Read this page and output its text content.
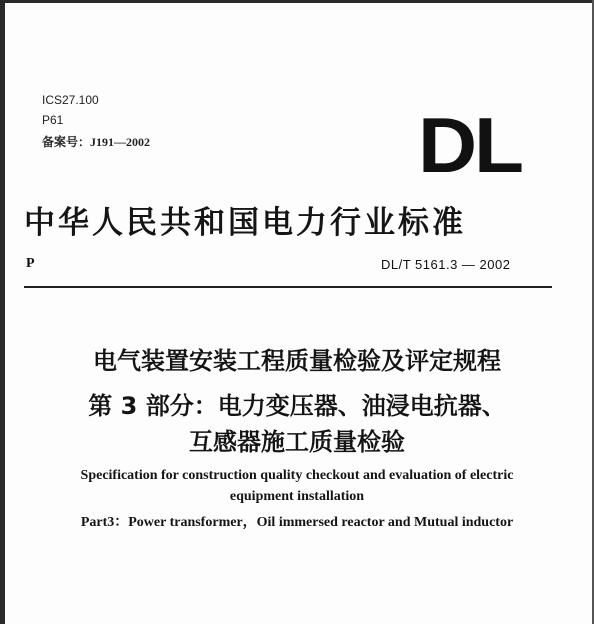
ICS27.100
P61
备案号：J191—2002	DL
中华人民共和国电力行业标准
P	DL/T 5161.3 — 2002
电气装置安装工程质量检验及评定规程
第 3 部分：电力变压器、油浸电抗器、
互感器施工质量检验
Specification for construction quality checkout and evaluation of electric
equipment installation
Part3：Power transformer，Oil immersed reactor and Mutual inductor
